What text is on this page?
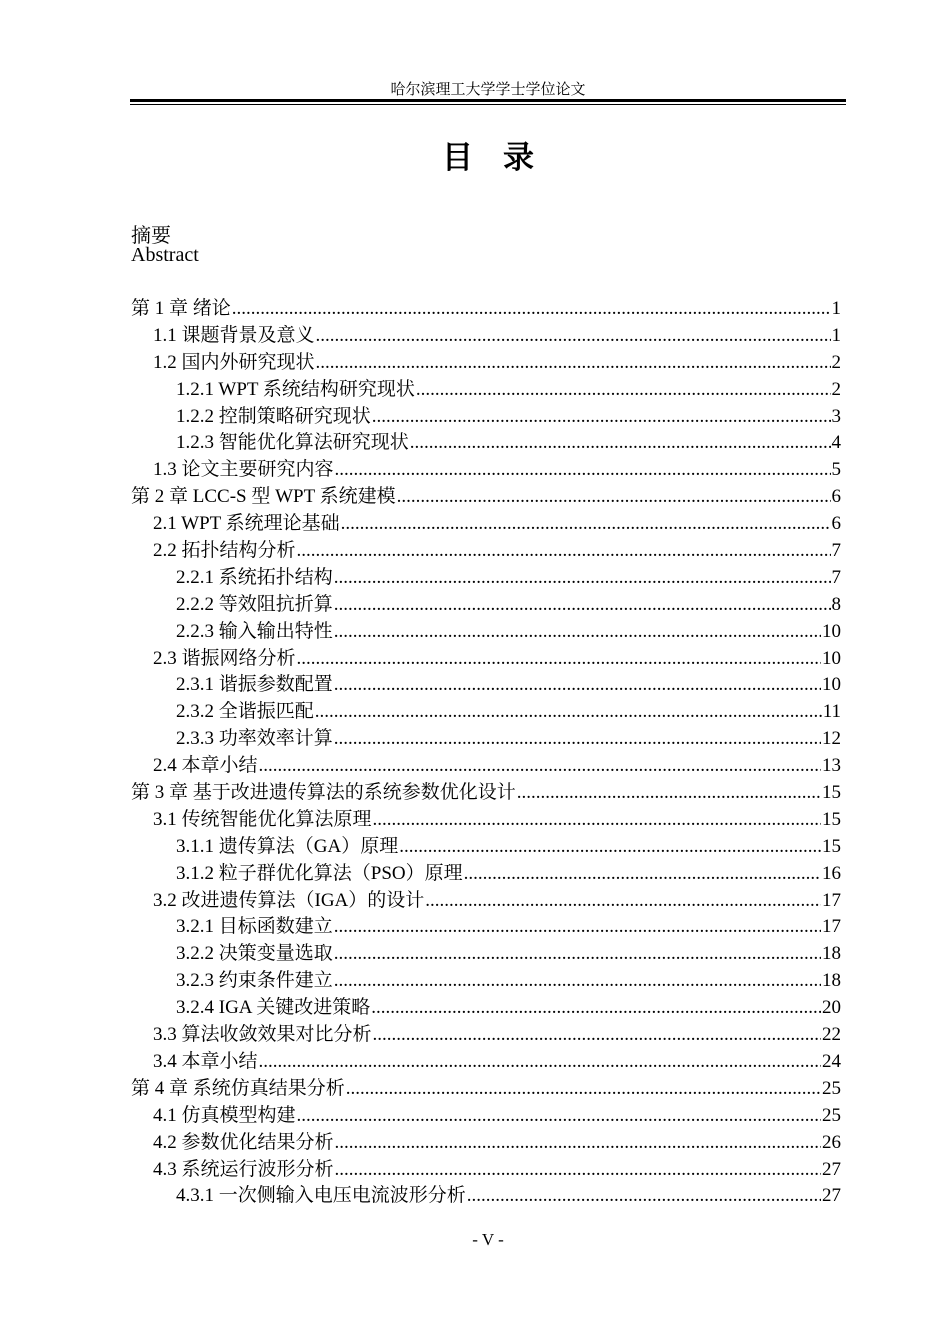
哈尔滨理工大学学士学位论文
目录
摘要
Abstract
第 1 章 绪论 .....	1
1.1 课题背景及意义 .....	1
1.2 国内外研究现状 .....	2
1.2.1 WPT 系统结构研究现状 .....	2
1.2.2 控制策略研究现状 .....	3
1.2.3 智能优化算法研究现状 .....	4
1.3 论文主要研究内容 .....	5
第 2 章 LCC-S 型 WPT 系统建模 .....	6
2.1 WPT 系统理论基础 .....	6
2.2 拓扑结构分析 .....	7
2.2.1 系统拓扑结构 .....	7
2.2.2 等效阻抗折算 .....	8
2.2.3 输入输出特性 .....	10
2.3 谐振网络分析 .....	10
2.3.1 谐振参数配置 .....	10
2.3.2 全谐振匹配 .....	11
2.3.3 功率效率计算 .....	12
2.4 本章小结 .....	13
第 3 章 基于改进遗传算法的系统参数优化设计 .....	15
3.1 传统智能优化算法原理 .....	15
3.1.1 遗传算法（GA）原理 .....	15
3.1.2 粒子群优化算法（PSO）原理 .....	16
3.2 改进遗传算法（IGA）的设计 .....	17
3.2.1 目标函数建立 .....	17
3.2.2 决策变量选取 .....	18
3.2.3 约束条件建立 .....	18
3.2.4 IGA 关键改进策略 .....	20
3.3 算法收敛效果对比分析 .....	22
3.4 本章小结 .....	24
第 4 章 系统仿真结果分析 .....	25
4.1 仿真模型构建 .....	25
4.2 参数优化结果分析 .....	26
4.3 系统运行波形分析 .....	27
4.3.1 一次侧输入电压电流波形分析 .....	27
- V -
